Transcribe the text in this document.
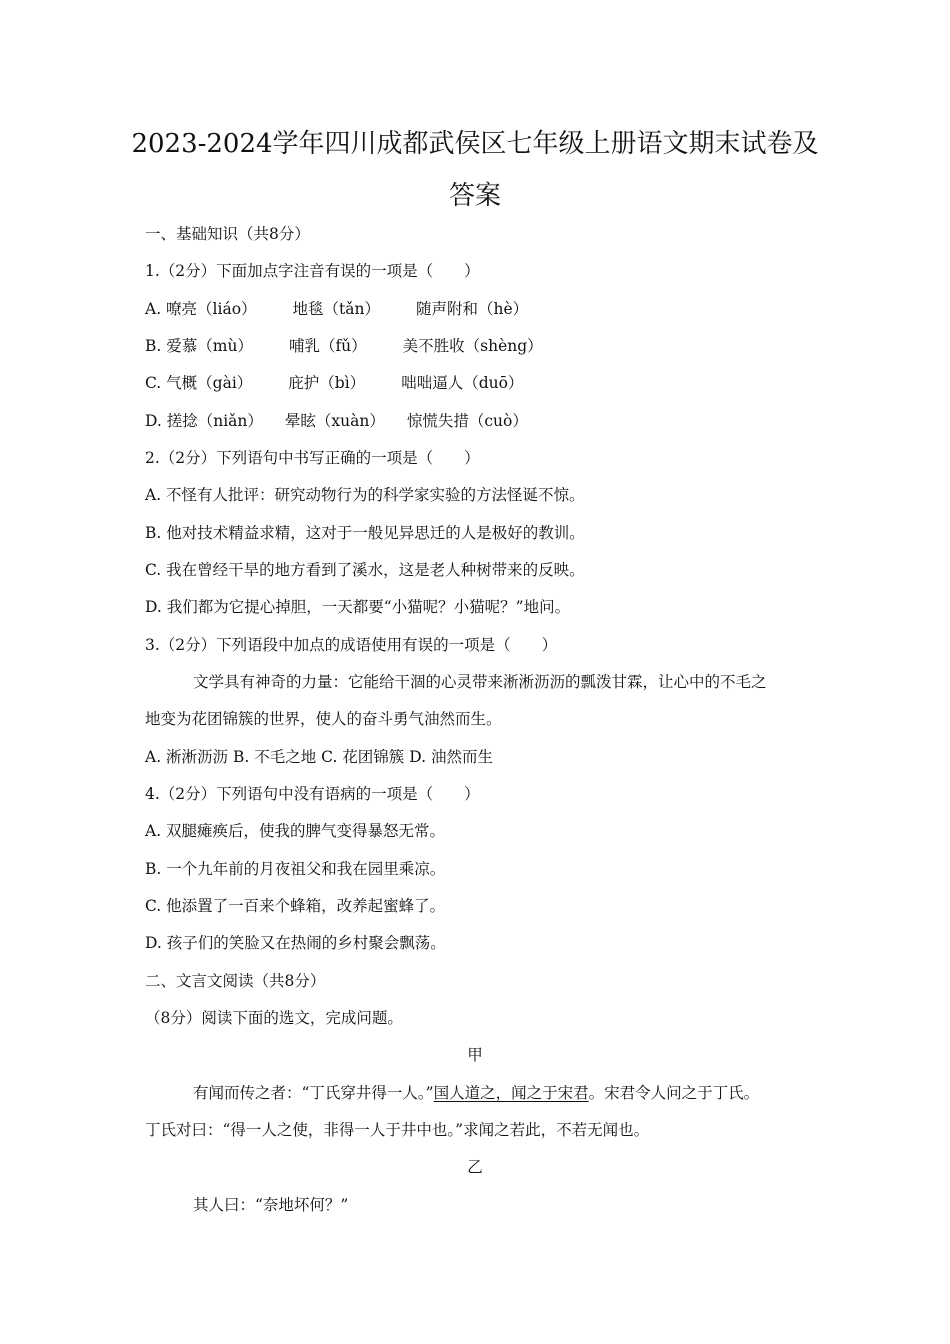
2023-2024学年四川成都武侯区七年级上册语文期末试卷及答案
一、基础知识（共8分）
1.（2分）下面加点字注音有误的一项是（　　）
A. 嘹亮（liáo） 地毯（tǎn） 随声附和（hè）
B. 爱慕（mù） 哺乳（fǔ） 美不胜收（shèng）
C. 气概（gài） 庇护（bì） 咄咄逼人（duō）
D. 搓捻（niǎn） 晕眩（xuàn） 惊慌失措（cuò）
2.（2分）下列语句中书写正确的一项是（　　）
A. 不怪有人批评：研究动物行为的科学家实验的方法怪诞不惊。
B. 他对技术精益求精，这对于一般见异思迁的人是极好的教训。
C. 我在曾经干旱的地方看到了溪水，这是老人种树带来的反映。
D. 我们都为它提心掉胆，一天都要“小猫呢？小猫呢？”地问。
3.（2分）下列语段中加点的成语使用有误的一项是（　　）
文学具有神奇的力量：它能给干涸的心灵带来淅淅沥沥的瓢泼甘霖，让心中的不毛之
地变为花团锦簇的世界，使人的奋斗勇气油然而生。
A. 淅淅沥沥 B. 不毛之地 C. 花团锦簇 D. 油然而生
4.（2分）下列语句中没有语病的一项是（　　）
A. 双腿瘫痪后，使我的脾气变得暴怒无常。
B. 一个九年前的月夜祖父和我在园里乘凉。
C. 他添置了一百来个蜂箱，改养起蜜蜂了。
D. 孩子们的笑脸又在热闹的乡村聚会飘荡。
二、文言文阅读（共8分）
（8分）阅读下面的选文，完成问题。
甲
有闻而传之者：“丁氏穿井得一人。”国人道之，闻之于宋君。宋君令人问之于丁氏。
丁氏对曰：“得一人之使，非得一人于井中也。”求闻之若此，不若无闻也。
乙
其人曰：“奈地坏何？”
